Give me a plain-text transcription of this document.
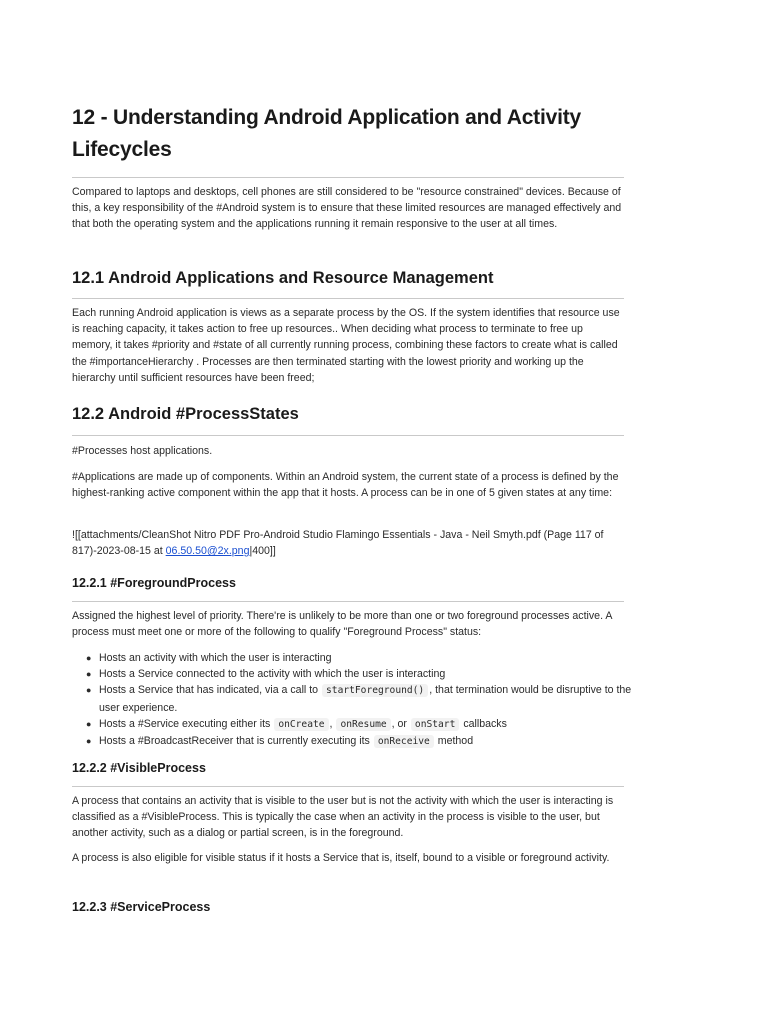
12 - Understanding Android Application and Activity Lifecycles

Compared to laptops and desktops, cell phones are still considered to be "resource constrained" devices. Because of this, a key responsibility of the #Android system is to ensure that these limited resources are managed effectively and that both the operating system and the applications running it remain responsive to the user at all times.

12.1 Android Applications and Resource Management

Each running Android application is views as a separate process by the OS. If the system identifies that resource use is reaching capacity, it takes action to free up resources.. When deciding what process to terminate to free up memory, it takes #priority and #state of all currently running process, combining these factors to create what is called the #importanceHierarchy . Processes are then terminated starting with the lowest priority and working up the hierarchy until sufficient resources have been freed;

12.2 Android #ProcessStates

#Processes host applications.

#Applications are made up of components. Within an Android system, the current state of a process is defined by the highest-ranking active component within the app that it hosts. A process can be in one of 5 given states at any time:

![[attachments/CleanShot Nitro PDF Pro-Android Studio Flamingo Essentials - Java - Neil Smyth.pdf (Page 117 of 817)-2023-08-15 at 06.50.50@2x.png|400]]

12.2.1 #ForegroundProcess

Assigned the highest level of priority. There're is unlikely to be more than one or two foreground processes active. A process must meet one or more of the following to qualify "Foreground Process" status:

● Hosts an activity with which the user is interacting
● Hosts a Service connected to the activity with which the user is interacting
● Hosts a Service that has indicated, via a call to startForeground() , that termination would be disruptive to the user experience.
● Hosts a #Service executing either its onCreate , onResume , or onStart callbacks
● Hosts a #BroadcastReceiver that is currently executing its onReceive method
12.2.2 #VisibleProcess

A process that contains an activity that is visible to the user but is not the activity with which the user is interacting is classified as a #VisibleProcess. This is typically the case when an activity in the process is visible to the user, but another activity, such as a dialog or partial screen, is in the foreground.

A process is also eligible for visible status if it hosts a Service that is, itself, bound to a visible or foreground activity.

12.2.3 #ServiceProcess
